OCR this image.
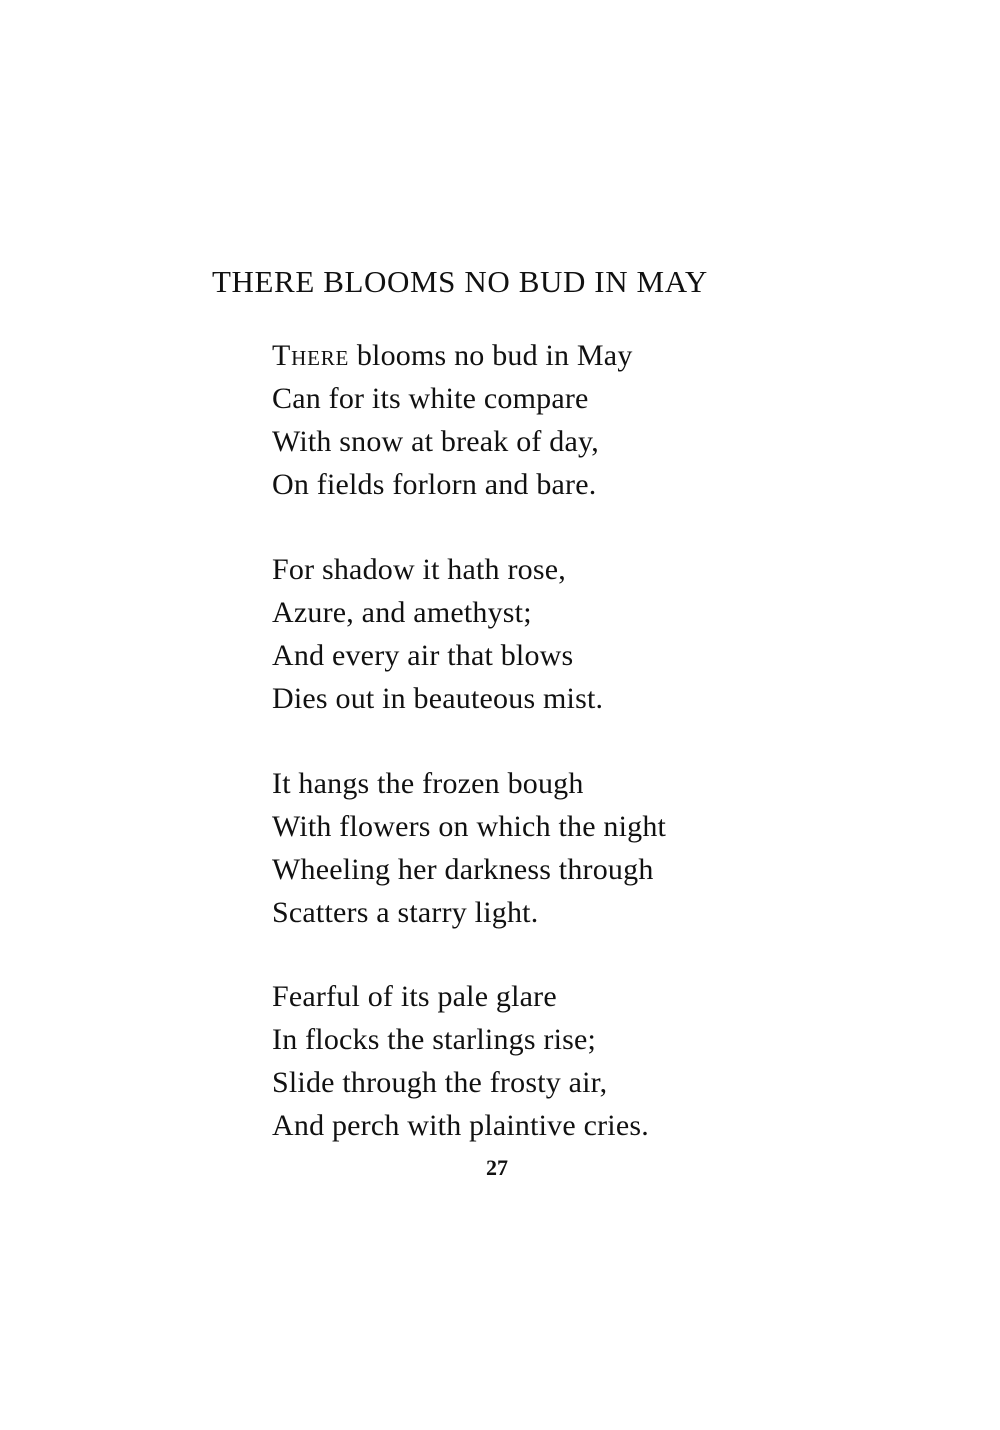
THERE BLOOMS NO BUD IN MAY
There blooms no bud in May
Can for its white compare
With snow at break of day,
On fields forlorn and bare.
For shadow it hath rose,
Azure, and amethyst;
And every air that blows
Dies out in beauteous mist.
It hangs the frozen bough
With flowers on which the night
Wheeling her darkness through
Scatters a starry light.
Fearful of its pale glare
In flocks the starlings rise;
Slide through the frosty air,
And perch with plaintive cries.
27
